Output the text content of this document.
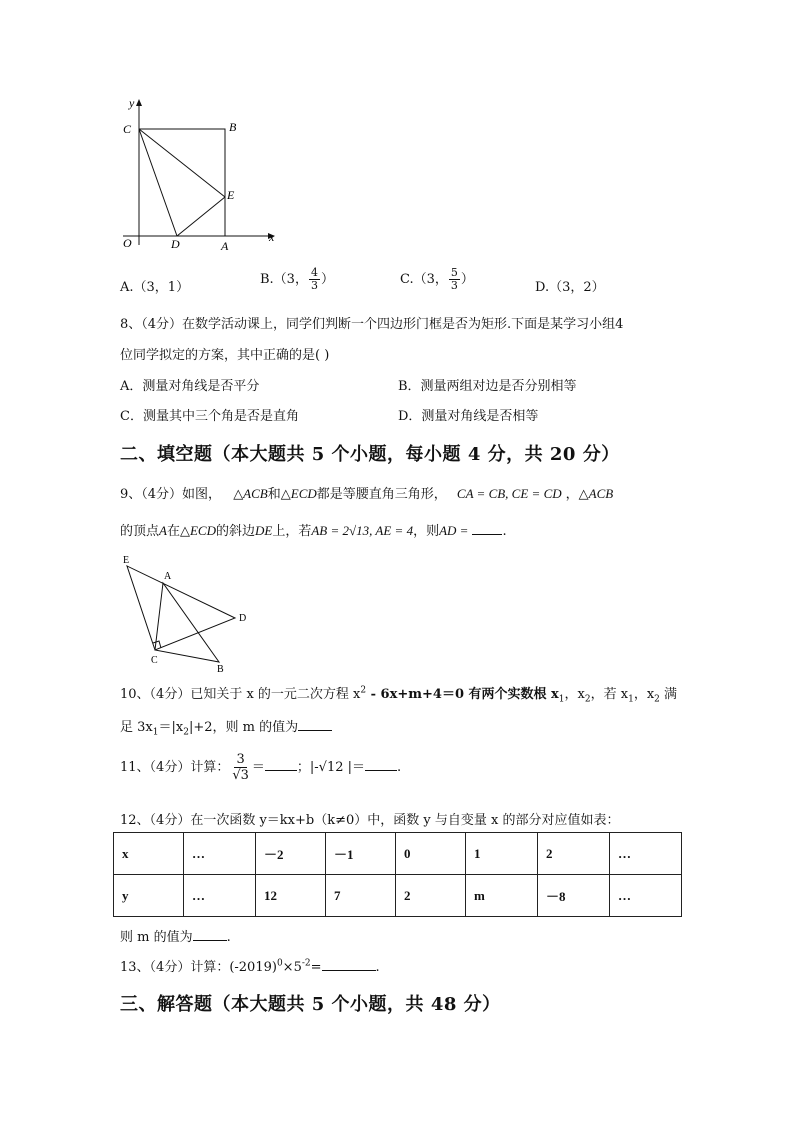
y
x
O
C	B
E
D	A
A.（3，1）
B.（3， $\frac{4}{3}$ ）	C.（3， $\frac{5}{3}$ ）
D.（3，2）
8、（4分）在数学活动课上，同学们判断一个四边形门框是否为矩形.下面是某学习小组4
位同学拟定的方案，其中正确的是( )
A．测量对角线是否平分	B．测量两组对边是否分别相等
C．测量其中三个角是否是直角	D．测量对角线是否相等
二、填空题（本大题共 5 个小题，每小题 4 分，共 20 分）
9、（4分）如图， △ACB和△ECD都是等腰直角三角形， CA = CB, CE = CD ，△ACB
的顶点A在△ECD的斜边DE上，若AB = 2√13, AE = 4，则AD =	.
E
A
D
C
B
10、（4分）已知关于 x 的一元二次方程 $x^2 - 6x+m+4=0$ 有两个实数根 $x_1$，$x_2$，若 $x_1$，$x_2$ 满
足 $3x_1=|x_2|+2$，则 m 的值为
11、（4分）计算： $\frac{3}{√3}$ ＝ ；|-√12 |＝ .
12、（4分）在一次函数 y＝kx+b（k≠0）中，函数 y 与自变量 x 的部分对应值如表：
x	…	－2	－1	0	1	2	…
y	…	12	7	2	m	－8	…
则 m 的值为	.
13、（4分）计算：$(-2019)^0\times 5^{-2}=$	.
三、解答题（本大题共 5 个小题，共 48 分）
